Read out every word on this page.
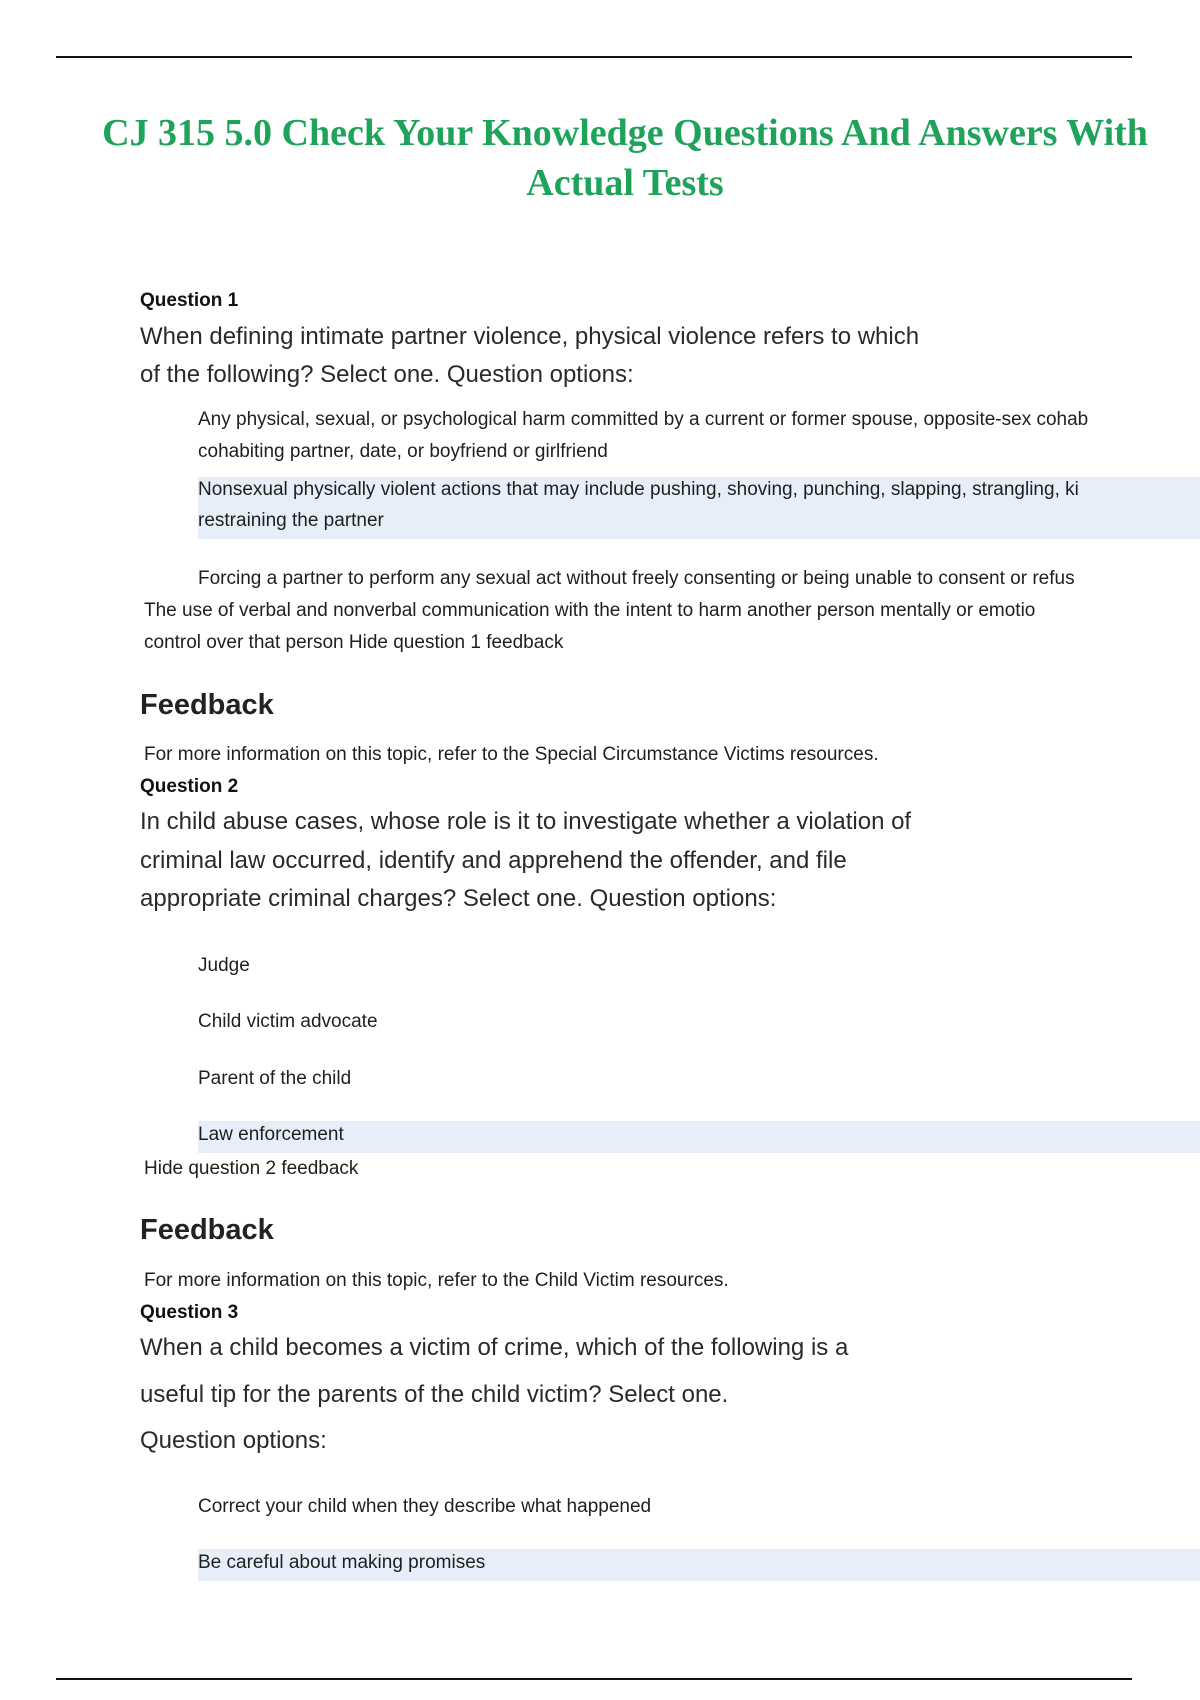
CJ 315 5.0 Check Your Knowledge Questions And Answers With
Actual Tests
Question 1
When defining intimate partner violence, physical violence refers to which
of the following? Select one. Question options:
Any physical, sexual, or psychological harm committed by a current or former spouse, opposite-sex cohab
cohabiting partner, date, or boyfriend or girlfriend
Nonsexual physically violent actions that may include pushing, shoving, punching, slapping, strangling, ki
restraining the partner
Forcing a partner to perform any sexual act without freely consenting or being unable to consent or refus
The use of verbal and nonverbal communication with the intent to harm another person mentally or emotio
control over that person Hide question 1 feedback
Feedback
For more information on this topic, refer to the Special Circumstance Victims resources.
Question 2
In child abuse cases, whose role is it to investigate whether a violation of
criminal law occurred, identify and apprehend the offender, and file
appropriate criminal charges? Select one. Question options:
Judge
Child victim advocate
Parent of the child
Law enforcement
Hide question 2 feedback
Feedback
For more information on this topic, refer to the Child Victim resources.
Question 3
When a child becomes a victim of crime, which of the following is a
useful tip for the parents of the child victim? Select one.
Question options:
Correct your child when they describe what happened
Be careful about making promises
